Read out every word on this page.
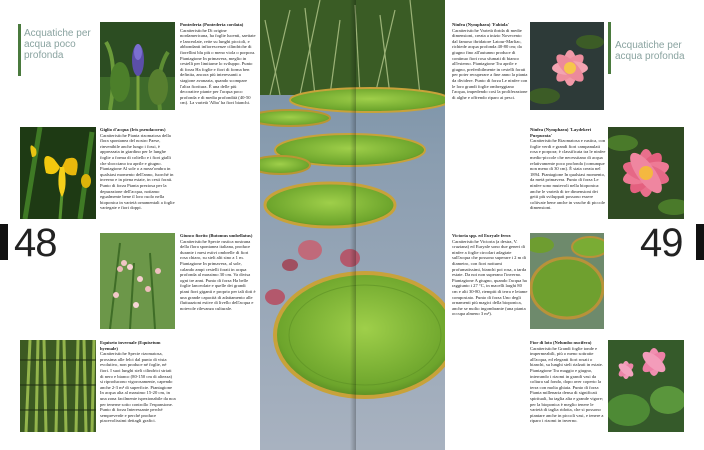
Acquatiche per acqua poco profonda

Pontederia (Pontederia cordata)

Caratteristiche Di origine nordamericana, ha foglie lucenti, saettate e lanceolate, rette su lunghi piccioli, e abbondanti infiorescenze cilindriche di fiorellini blu più o meno viola o porpora. Piantagione In primavera, meglio in cestelli per limitarne lo sviluppo. Punto di forza Ha foglie e fiori di forma ben definita, ancora più interessanti a stagione avanzata, quando scompare l'altra fioritura. È una delle più decorative piante per l'acqua poco profonda e di media profondità (40-50 cm). La varietà 'Alba' ha fiori bianchi.

Giglio d'acqua (Iris pseudacorus)

Caratteristiche Pianta rizomatosa della flora spontanea del nostro Paese, rinvenibile anche lungo i fossi, è apprezzata in giardino per le lunghe foglie a forma di coltello e i fiori gialli che sbocciano tra aprile e giugno. Piantagione Al sole o a mezz'ombra in qualsiasi momento dell'anno, fuorché in inverno e in piena estate, in cesti forati. Punto di forza Pianta preziosa per la depurazione dell'acqua, notiamo egualmente bene il loro ruolo nella bioponica in varietà ornamentali a foglie variegate e fiori doppi.

Giunco fiorito (Butomus umbellatus)

Caratteristiche Specie rustica nostrana della flora spontanea italiana, produce durante i mesi estivi ombrelle di fiori rosa chiaro, su steli alti sino a 1 m. Piantagione In primavera, al sole, calando ampi cestelli forati in acqua profonda al massimo 30 cm. Va divisa ogni tre anni. Punto di forza Ha belle foglie lanceolate e quelle dei grandi piani fiori giganti e proprio per tali doti è una grande capacità di adattamento alle fluttuazioni estive di livello dell'acqua e notevole rilevanza culturale.

Equiseto invernale (Equisetum hyemale)

Caratteristiche Specie rizomatosa, prossima alle felci dal punto di vista evolutivo, non produce né foglie, né fiori. I suoi lunghi steli cilindrici striati di nero e bianco (80-150 cm di altezza) si riproducono vigorosamente, capendo anche 2-3 m² di superficie. Piantagione In acqua alta al massimo 15-20 cm, in una zona facilmente ispezionabile da noa per tenerne sotto controllo l'espansione. Punto di forza Interessante perché sempreverde e perché produce piacevolissimi dettagli grafici.

48

Ninfea (Nymphaea) 'Fabiola'

Caratteristiche Varietà ibrida di medie dimensioni, creata a inizio Novecento dal famoso ibridatore Latour-Marliac, richiede acqua profonda 40-80 cm; da giugno fino all'autunno produce di continuo fiori rosa sfumati di bianco all'esterno. Piantagione Tra aprile e giugno, preferibilmente in cestelli forati per poter recuperare a fine anno la pianta da dividere. Punto di forza Le ninfee con le loro grandi foglie ombreggiano l'acqua, impedendo così la proliferazione di alghe e offrendo riparo ai pesci.

Acquatiche per acqua profonda

Ninfea (Nymphaea) 'Laydekeri Purpurata'

Caratteristiche Rizomatosa e rustica, con foglie verdi e grandi fiori campanulati rosa e porpora; è classificata tra le ninfee medio-piccole che necessitano di acqua relativamente poco profonda (comunque non meno di 30 cm). È stata creata nel 1894. Piantagione In qualsiasi momento, da metà primavera. Punto di forza Le ninfee sono mutevoli nella bioponica: anche le varietà di tre dimensioni dei getti più sviluppati possono essere coltivate bene anche in vasche di piccole dimensioni.

Victoria spp. ed Euryale ferox

Caratteristiche Victoria (a destra, V. cruziana) ed Euryale sono due generi di ninfee a foglie circolari adagiate sull'acqua che possono superare i 2 m di diametro, con fiori notturni profumatissimi, bianchi poi rosa, a tarda estate. Da noi non superano l'inverno. Piantagione A giugno, quando l'acqua ha raggiunto i 27 °C, in macelli larghi 80 cm e alti 30-80, riempiti di terra e letame compostato. Punto di forza Uno degli ornamenti più magici della bioponica, anche se molto ingombrante (una pianta occupa almeno 3 m²).

Fior di loto (Nelumbo nucifera)

Caratteristiche Grandi foglie tonde e impermeabili, più o meno sottratte all'acqua, ed eleganti fiori rosati o bianchi, su lunghi steli rialzati in estate. Piantagione Tra maggio e giugno, interrando i rizomi in grandi vasi da coltura sul fondo, dopo aver coperto la terra con molta ghiaia. Punto di forza Pianta millenaria densa di significati spirituali, ha taglia alta e grande vigore; per la bioponica è meglio tenere le varietà di taglia ridotta, che si possono piantare anche in piccoli vasi, e tenere a riparo i rizomi in inverno.

49
